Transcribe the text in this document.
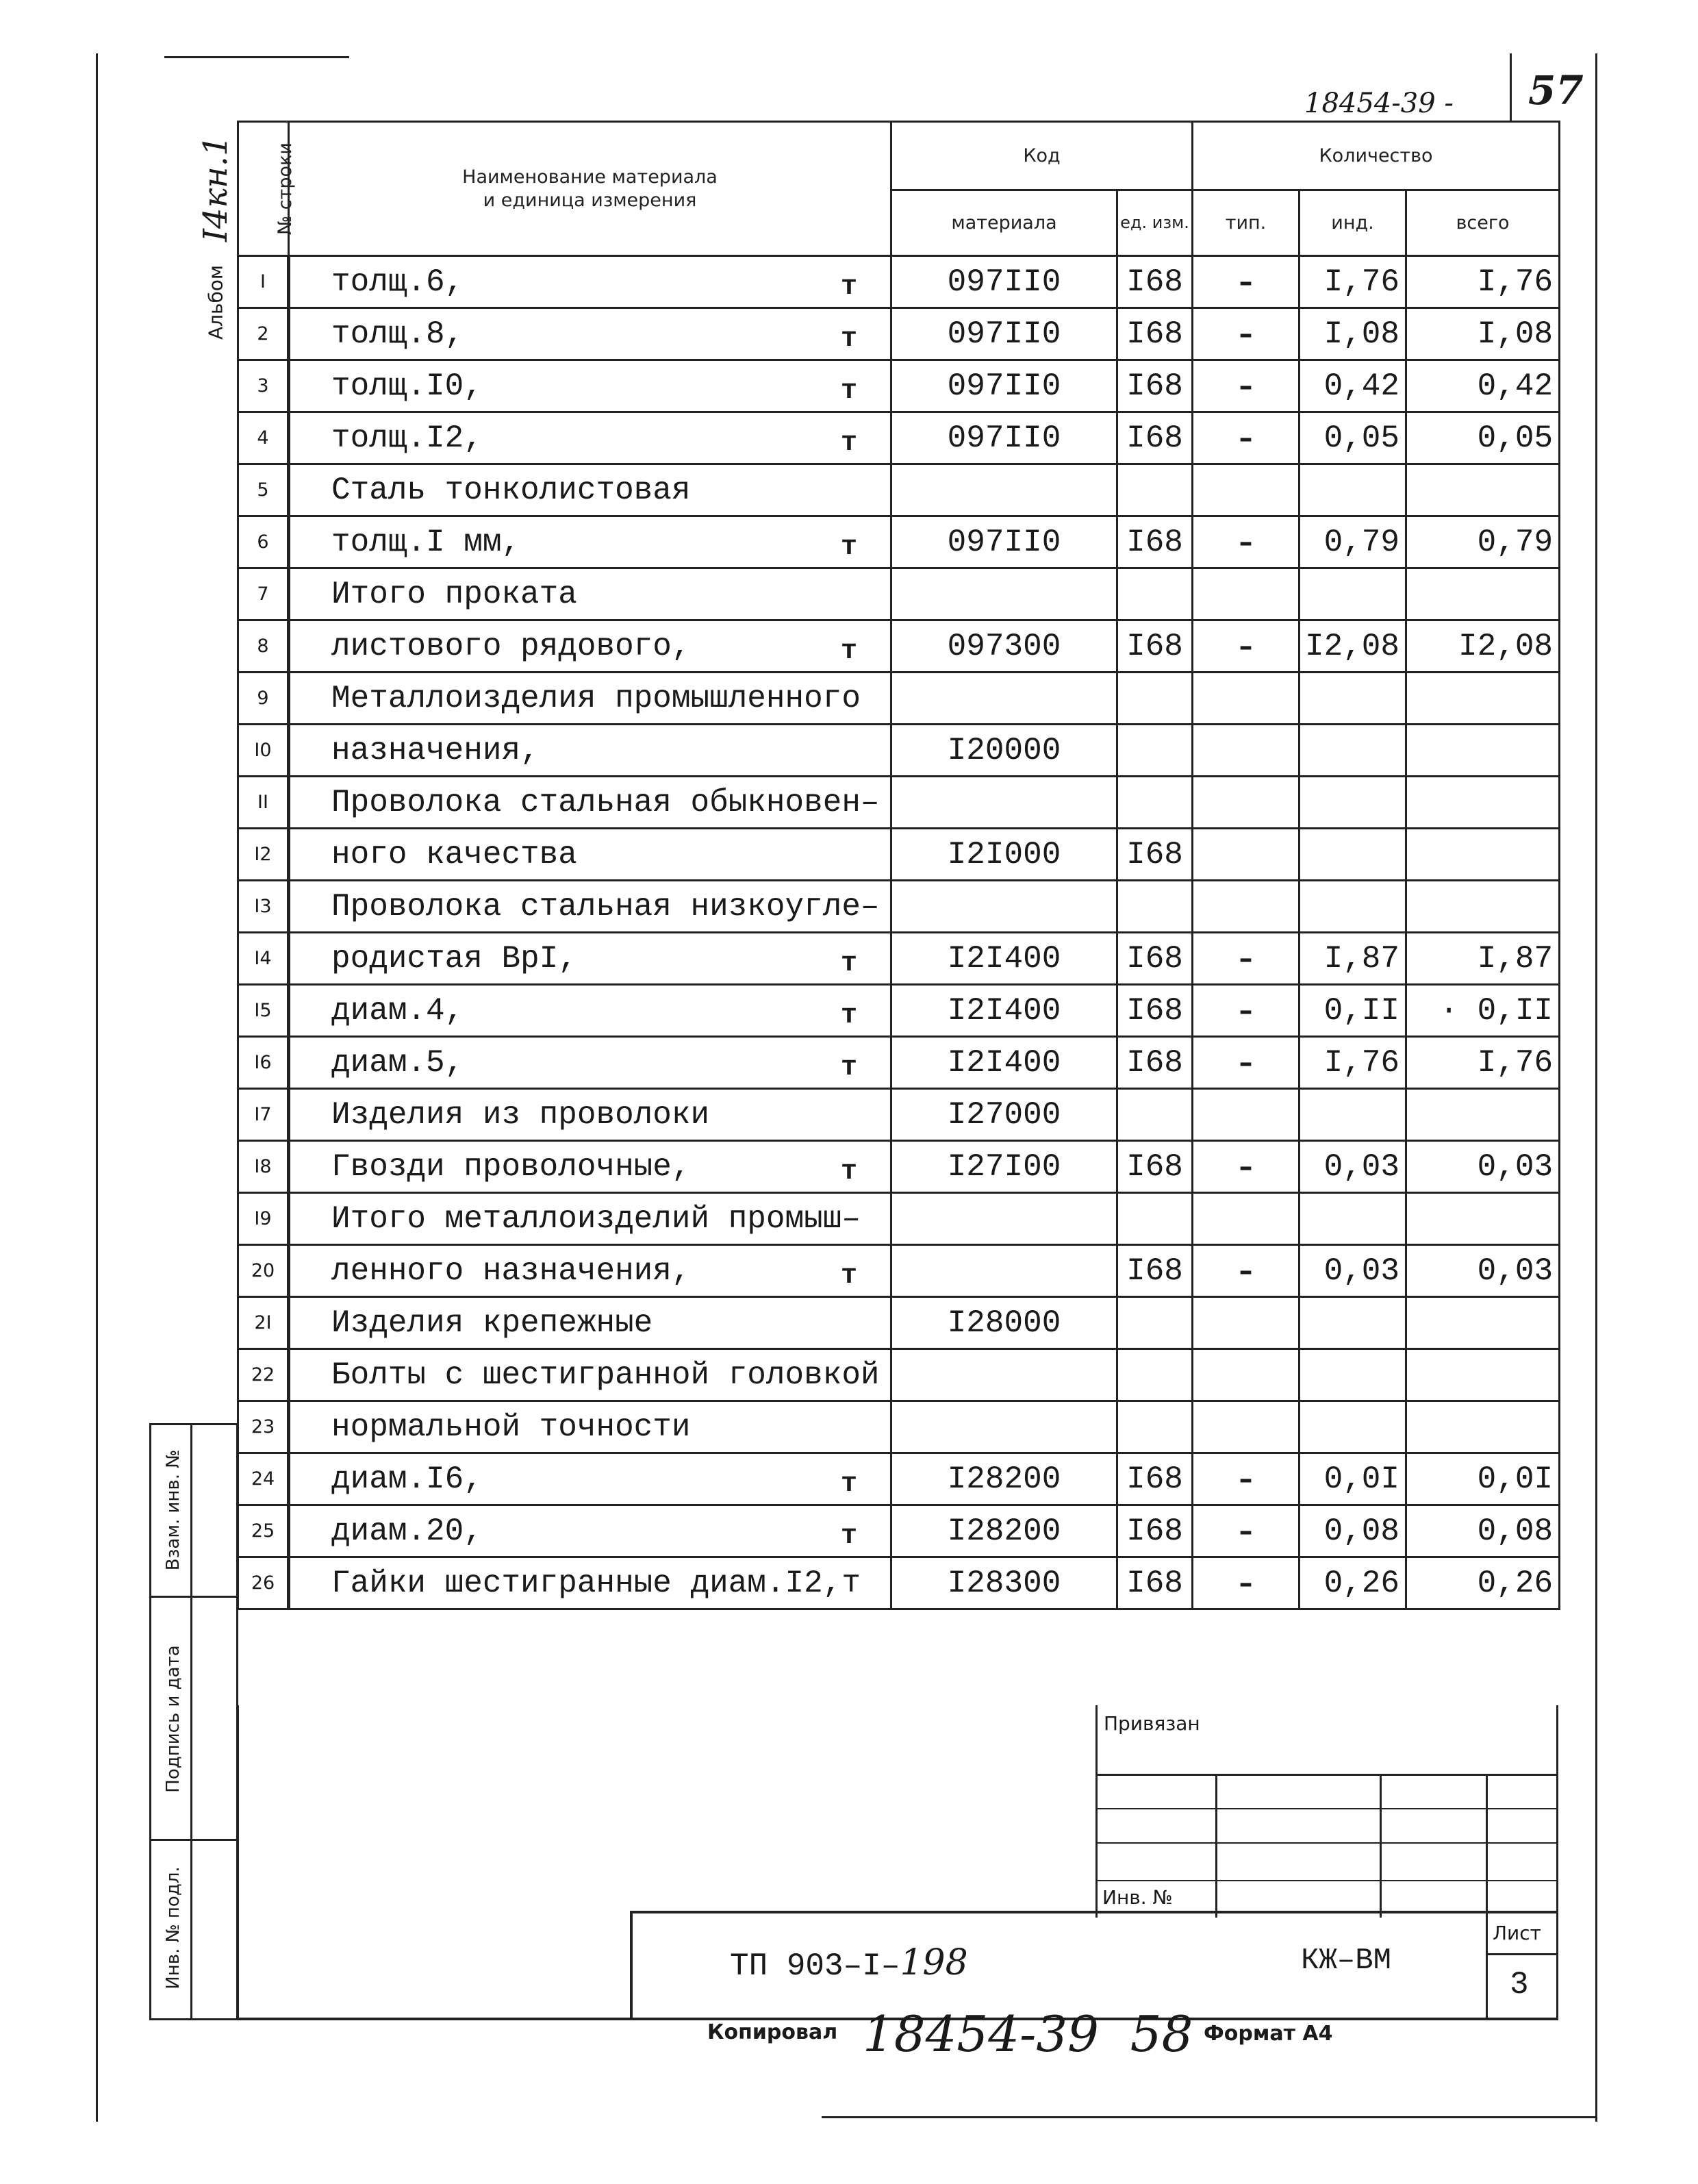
18454-39 - 57
Альбом
I4кн.1 № строки	Наименование материала
и единица измерения	Код		Количество		
		материала	ед. изм.	тип.	инд.	всего
I	толщ.6, т	097II0	I68	–	I,76	I,76
2	толщ.8, т	097II0	I68	–	I,08	I,08
3	толщ.I0, т	097II0	I68	–	0,42	0,42
4	толщ.I2, т	097II0	I68	–	0,05	0,05
5	Сталь тонколистовая

6	толщ.I мм, т	097II0	I68	–	0,79	0,79
7	Итого проката

8	листового рядового, т	097300	I68	–	I2,08	I2,08
9	Металлоизделия промышленного

I0	назначения,	I20000				
II	Проволока стальная обыкновен–

I2	ного качества	I2I000	I68			
I3	Проволока стальная низкоугле–

I4	родистая ВрI, т	I2I400	I68	–	I,87	I,87
I5	диам.4, т	I2I400	I68	–	0,II	· 0,II
I6	диам.5, т	I2I400	I68	–	I,76	I,76
I7	Изделия из проволоки	I27000				
I8	Гвозди проволочные, т	I27I00	I68	–	0,03	0,03
I9	Итого металлоизделий промыш–

20	ленного назначения, т		I68	–	0,03	0,03
2I	Изделия крепежные	I28000				
22	Болты с шестигранной головкой

23	нормальной точности

24	диам.I6, т	I28200	I68	–	0,0I	0,0I
25	диам.20, т	I28200	I68	–	0,08	0,08
26	Гайки шестигранные диам.I2,т	I28300	I68	–	0,26	0,26
Взам. инв. №
Подпись и дата
Инв. № подл.
Привязан
Инв. №
ТП 903–I–198	КЖ–ВМ
Лист
3
Копировал 18454-39  58 Формат А4
